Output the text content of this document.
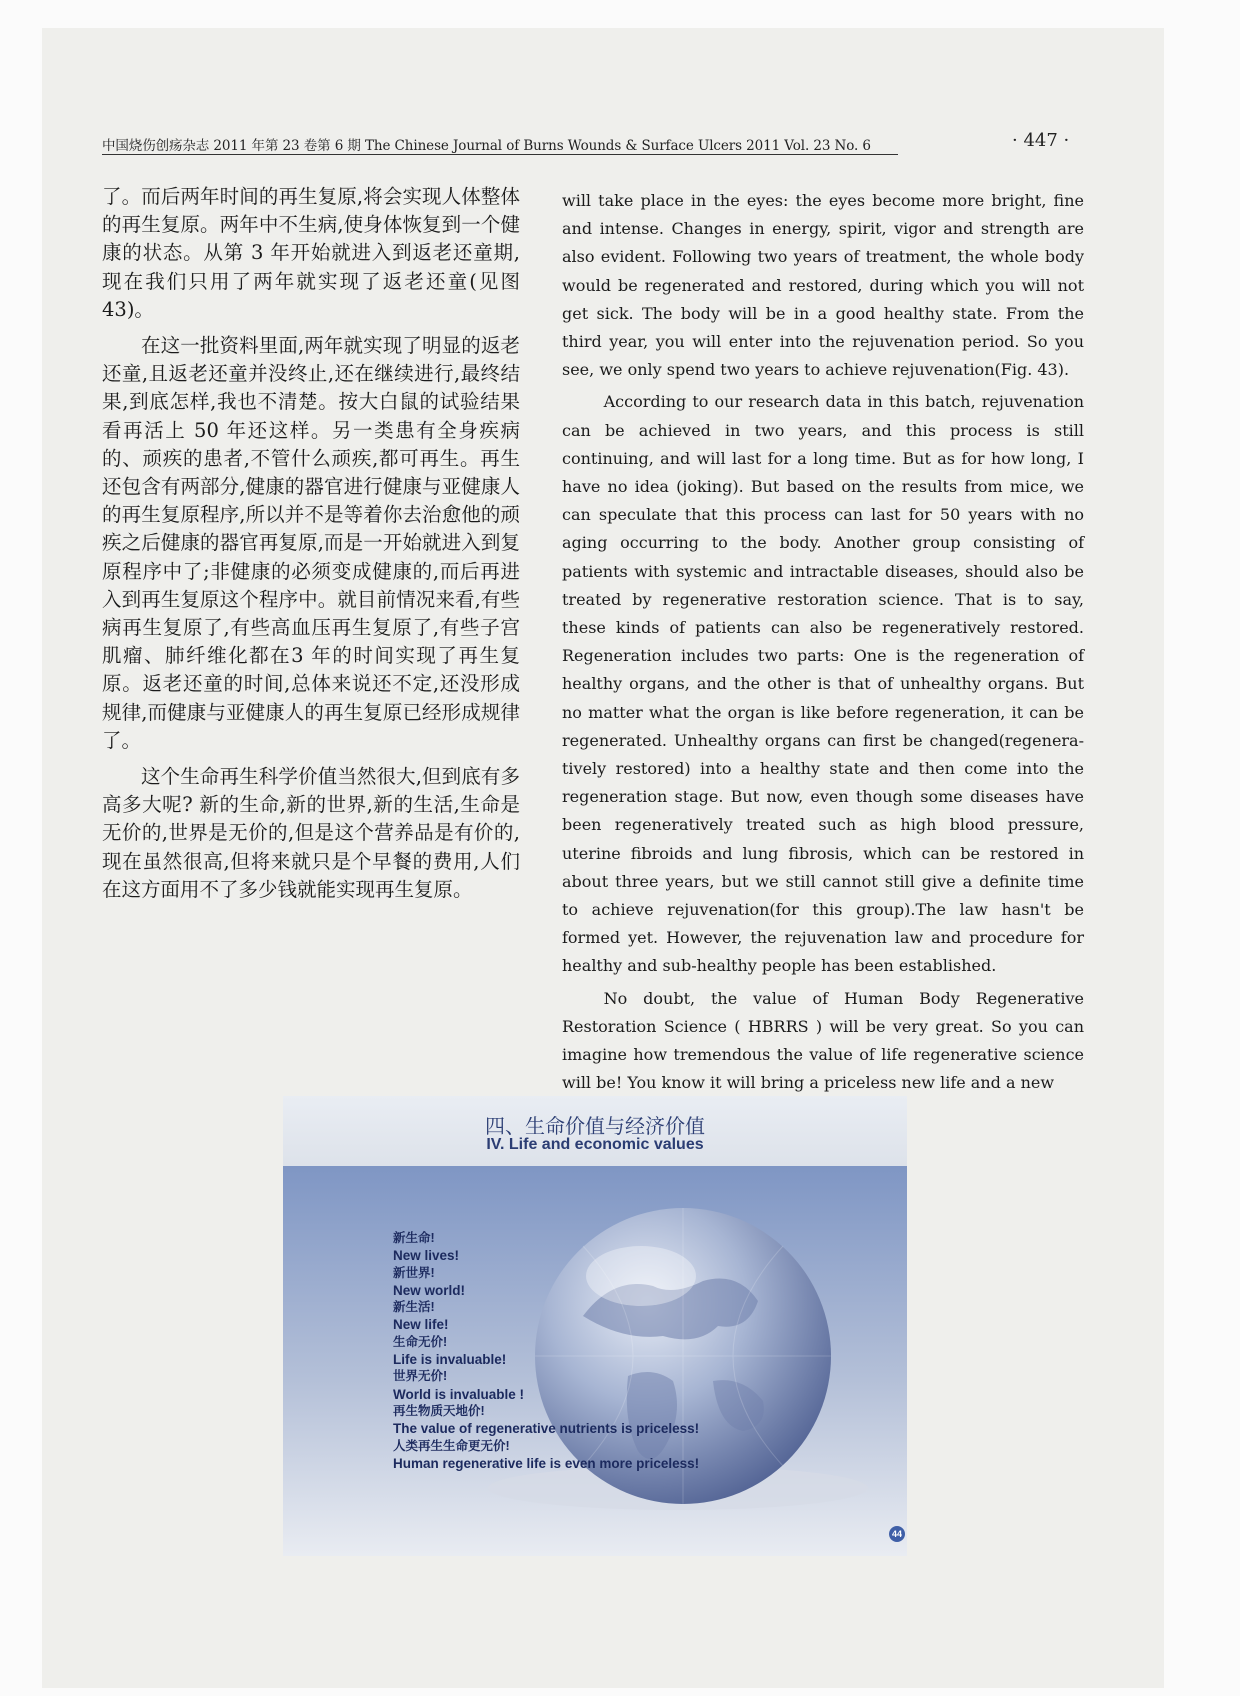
中国烧伤创疡杂志 2011 年第 23 卷第 6 期 The Chinese Journal of Burns Wounds & Surface Ulcers 2011 Vol. 23 No. 6	· 447 ·

了。而后两年时间的再生复原,将会实现人体整体的再生复原。两年中不生病,使身体恢复到一个健康的状态。从第 3 年开始就进入到返老还童期,现在我们只用了两年就实现了返老还童(见图 43)。

在这一批资料里面,两年就实现了明显的返老还童,且返老还童并没终止,还在继续进行,最终结果,到底怎样,我也不清楚。按大白鼠的试验结果看再活上 50 年还这样。另一类患有全身疾病的、顽疾的患者,不管什么顽疾,都可再生。再生还包含有两部分,健康的器官进行健康与亚健康人的再生复原程序,所以并不是等着你去治愈他的顽疾之后健康的器官再复原,而是一开始就进入到复原程序中了;非健康的必须变成健康的,而后再进入到再生复原这个程序中。就目前情况来看,有些病再生复原了,有些高血压再生复原了,有些子宫肌瘤、肺纤维化都在3 年的时间实现了再生复原。返老还童的时间,总体来说还不定,还没形成规律,而健康与亚健康人的再生复原已经形成规律了。

这个生命再生科学价值当然很大,但到底有多高多大呢? 新的生命,新的世界,新的生活,生命是无价的,世界是无价的,但是这个营养品是有价的,现在虽然很高,但将来就只是个早餐的费用,人们在这方面用不了多少钱就能实现再生复原。

will take place in the eyes: the eyes become more bright, fine and intense. Changes in energy, spirit, vigor and strength are also evident. Following two years of treatment, the whole body would be regenerated and restored, during which you will not get sick. The body will be in a good healthy state. From the third year, you will enter into the rejuvenation period. So you see, we only spend two years to achieve rejuvenation(Fig. 43).

According to our research data in this batch, rejuvenation can be achieved in two years, and this process is still continuing, and will last for a long time. But as for how long, I have no idea (joking). But based on the results from mice, we can speculate that this process can last for 50 years with no aging occurring to the body. Another group consisting of patients with systemic and intractable diseases, should also be treated by regenerative restoration science. That is to say, these kinds of patients can also be regeneratively restored. Regeneration includes two parts: One is the regeneration of healthy organs, and the other is that of unhealthy organs. But no matter what the organ is like before regeneration, it can be regenerated. Unhealthy organs can first be changed(regenera-tively restored) into a healthy state and then come into the regeneration stage. But now, even though some diseases have been regeneratively treated such as high blood pressure, uterine fibroids and lung fibrosis, which can be restored in about three years, but we still cannot still give a definite time to achieve rejuvenation(for this group).The law hasn't be formed yet. However, the rejuvenation law and procedure for healthy and sub-healthy people has been established.

No doubt, the value of Human Body Regenerative Restoration Science ( HBRRS ) will be very great. So you can imagine how tremendous the value of life regenerative science will be! You know it will bring a priceless new life and a new

四、生命价值与经济价值
IV. Life and economic values
新生命!
New lives!
新世界!
New world!
新生活!
New life!
生命无价!
Life is invaluable!
世界无价!
World is invaluable !
再生物质天地价!
The value of regenerative nutrients is priceless!
人类再生生命更无价!
Human regenerative life is even more priceless!
44
